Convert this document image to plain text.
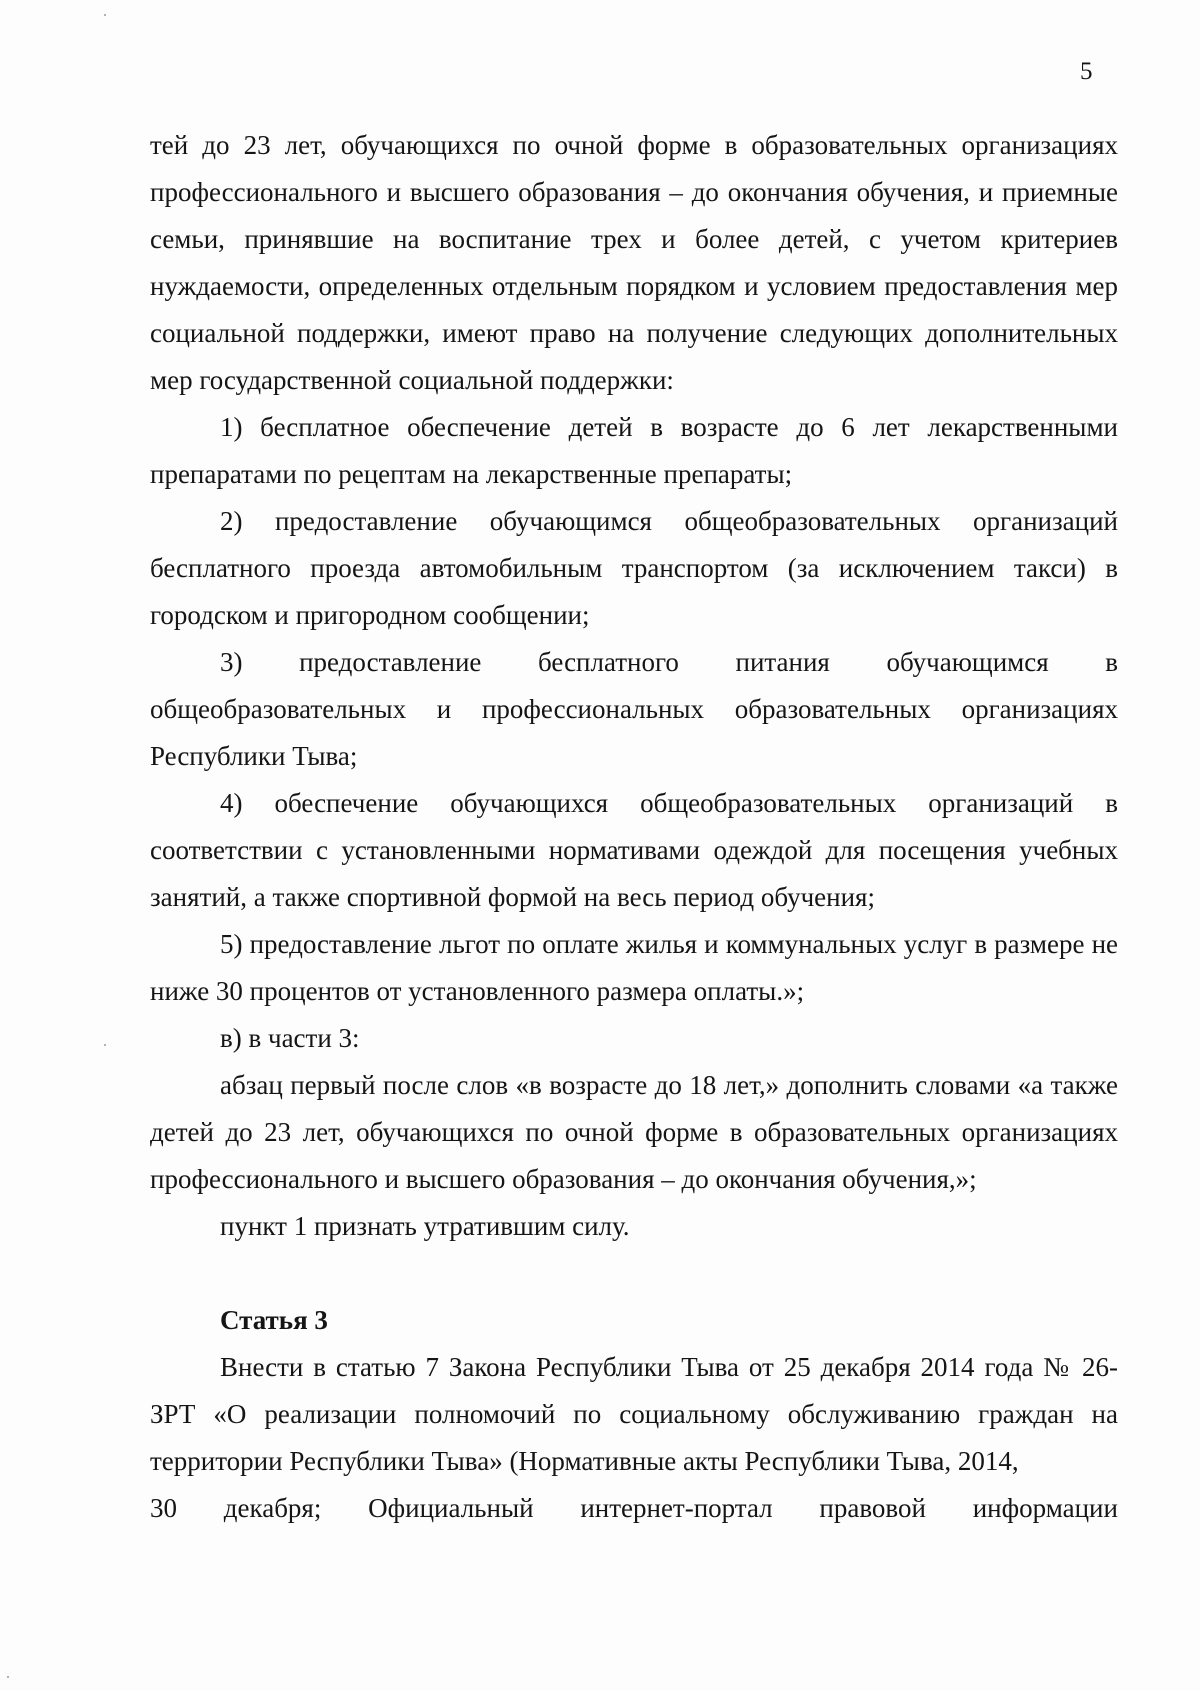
5

тей до 23 лет, обучающихся по очной форме в образовательных организациях профессионального и высшего образования – до окончания обучения, и приемные семьи, принявшие на воспитание трех и более детей, с учетом критериев нуждаемости, определенных отдельным порядком и условием предоставления мер социальной поддержки, имеют право на получение следующих дополнительных мер государственной социальной поддержки:

1) бесплатное обеспечение детей в возрасте до 6 лет лекарственными препаратами по рецептам на лекарственные препараты;

2) предоставление обучающимся общеобразовательных организаций бесплатного проезда автомобильным транспортом (за исключением такси) в городском и пригородном сообщении;

3) предоставление бесплатного питания обучающимся в общеобразовательных и профессиональных образовательных организациях Республики Тыва;

4) обеспечение обучающихся общеобразовательных организаций в соответствии с установленными нормативами одеждой для посещения учебных занятий, а также спортивной формой на весь период обучения;

5) предоставление льгот по оплате жилья и коммунальных услуг в размере не ниже 30 процентов от установленного размера оплаты.»;

в) в части 3:

абзац первый после слов «в возрасте до 18 лет,» дополнить словами «а также детей до 23 лет, обучающихся по очной форме в образовательных организациях профессионального и высшего образования – до окончания обучения,»;

пункт 1 признать утратившим силу.

Статья 3

Внести в статью 7 Закона Республики Тыва от 25 декабря 2014 года № 26-ЗРТ «О реализации полномочий по социальному обслуживанию граждан на территории Республики Тыва» (Нормативные акты Республики Тыва, 2014,

30 декабря; Официальный интернет-портал правовой информации
